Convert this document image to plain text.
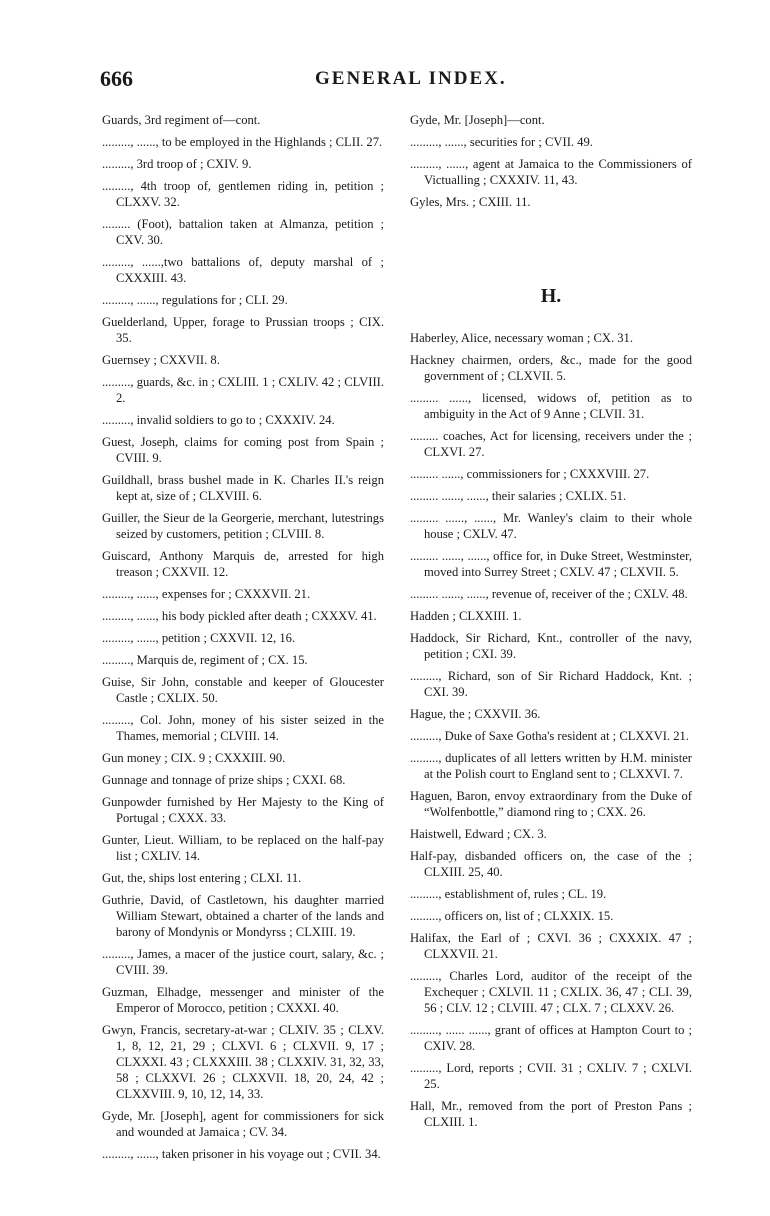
666	GENERAL INDEX.

Guards, 3rd regiment of—cont.

........., ......, to be employed in the Highlands ; CLII. 27.

........., 3rd troop of ; CXIV. 9.

........., 4th troop of, gentlemen riding in, petition ; CLXXV. 32.

......... (Foot), battalion taken at Almanza, petition ; CXV. 30.

........., ......,two battalions of, deputy marshal of ; CXXXIII. 43.

........., ......, regulations for ; CLI. 29.

Guelderland, Upper, forage to Prussian troops ; CIX. 35.

Guernsey ; CXXVII. 8.

........., guards, &c. in ; CXLIII. 1 ; CXLIV. 42 ; CLVIII. 2.

........., invalid soldiers to go to ; CXXXIV. 24.

Guest, Joseph, claims for coming post from Spain ; CVIII. 9.

Guildhall, brass bushel made in K. Charles II.'s reign kept at, size of ; CLXVIII. 6.

Guiller, the Sieur de la Georgerie, merchant, lutestrings seized by customers, petition ; CLVIII. 8.

Guiscard, Anthony Marquis de, arrested for high treason ; CXXVII. 12.

........., ......, expenses for ; CXXXVII. 21.

........., ......, his body pickled after death ; CXXXV. 41.

........., ......, petition ; CXXVII. 12, 16.

........., Marquis de, regiment of ; CX. 15.

Guise, Sir John, constable and keeper of Gloucester Castle ; CXLIX. 50.

........., Col. John, money of his sister seized in the Thames, memorial ; CLVIII. 14.

Gun money ; CIX. 9 ; CXXXIII. 90.

Gunnage and tonnage of prize ships ; CXXI. 68.

Gunpowder furnished by Her Majesty to the King of Portugal ; CXXX. 33.

Gunter, Lieut. William, to be replaced on the half-pay list ; CXLIV. 14.

Gut, the, ships lost entering ; CLXI. 11.

Guthrie, David, of Castletown, his daughter married William Stewart, obtained a charter of the lands and barony of Mondynis or Mondyrss ; CLXIII. 19.

........., James, a macer of the justice court, salary, &c. ; CVIII. 39.

Guzman, Elhadge, messenger and minister of the Emperor of Morocco, petition ; CXXXI. 40.

Gwyn, Francis, secretary-at-war ; CLXIV. 35 ; CLXV. 1, 8, 12, 21, 29 ; CLXVI. 6 ; CLXVII. 9, 17 ; CLXXXI. 43 ; CLXXXIII. 38 ; CLXXIV. 31, 32, 33, 58 ; CLXXVI. 26 ; CLXXVII. 18, 20, 24, 42 ; CLXXVIII. 9, 10, 12, 14, 33.

Gyde, Mr. [Joseph], agent for commissioners for sick and wounded at Jamaica ; CV. 34.

........., ......, taken prisoner in his voyage out ; CVII. 34.

Gyde, Mr. [Joseph]—cont.

........., ......, securities for ; CVII. 49.

........., ......, agent at Jamaica to the Commissioners of Victualling ; CXXXIV. 11, 43.

Gyles, Mrs. ; CXIII. 11.

H.

Haberley, Alice, necessary woman ; CX. 31.

Hackney chairmen, orders, &c., made for the good government of ; CLXVII. 5.

......... ......, licensed, widows of, petition as to ambiguity in the Act of 9 Anne ; CLVII. 31.

......... coaches, Act for licensing, receivers under the ; CLXVI. 27.

......... ......, commissioners for ; CXXXVIII. 27.

......... ......, ......, their salaries ; CXLIX. 51.

......... ......, ......, Mr. Wanley's claim to their whole house ; CXLV. 47.

......... ......, ......, office for, in Duke Street, Westminster, moved into Surrey Street ; CXLV. 47 ; CLXVII. 5.

......... ......, ......, revenue of, receiver of the ; CXLV. 48.

Hadden ; CLXXIII. 1.

Haddock, Sir Richard, Knt., controller of the navy, petition ; CXI. 39.

........., Richard, son of Sir Richard Haddock, Knt. ; CXI. 39.

Hague, the ; CXXVII. 36.

........., Duke of Saxe Gotha's resident at ; CLXXVI. 21.

........., duplicates of all letters written by H.M. minister at the Polish court to England sent to ; CLXXVI. 7.

Haguen, Baron, envoy extraordinary from the Duke of “Wolfenbottle,” diamond ring to ; CXX. 26.

Haistwell, Edward ; CX. 3.

Half-pay, disbanded officers on, the case of the ; CLXIII. 25, 40.

........., establishment of, rules ; CL. 19.

........., officers on, list of ; CLXXIX. 15.

Halifax, the Earl of ; CXVI. 36 ; CXXXIX. 47 ; CLXXVII. 21.

........., Charles Lord, auditor of the receipt of the Exchequer ; CXLVII. 11 ; CXLIX. 36, 47 ; CLI. 39, 56 ; CLV. 12 ; CLVIII. 47 ; CLX. 7 ; CLXXV. 26.

........., ...... ......, grant of offices at Hampton Court to ; CXIV. 28.

........., Lord, reports ; CVII. 31 ; CXLIV. 7 ; CXLVI. 25.

Hall, Mr., removed from the port of Preston Pans ; CLXIII. 1.
